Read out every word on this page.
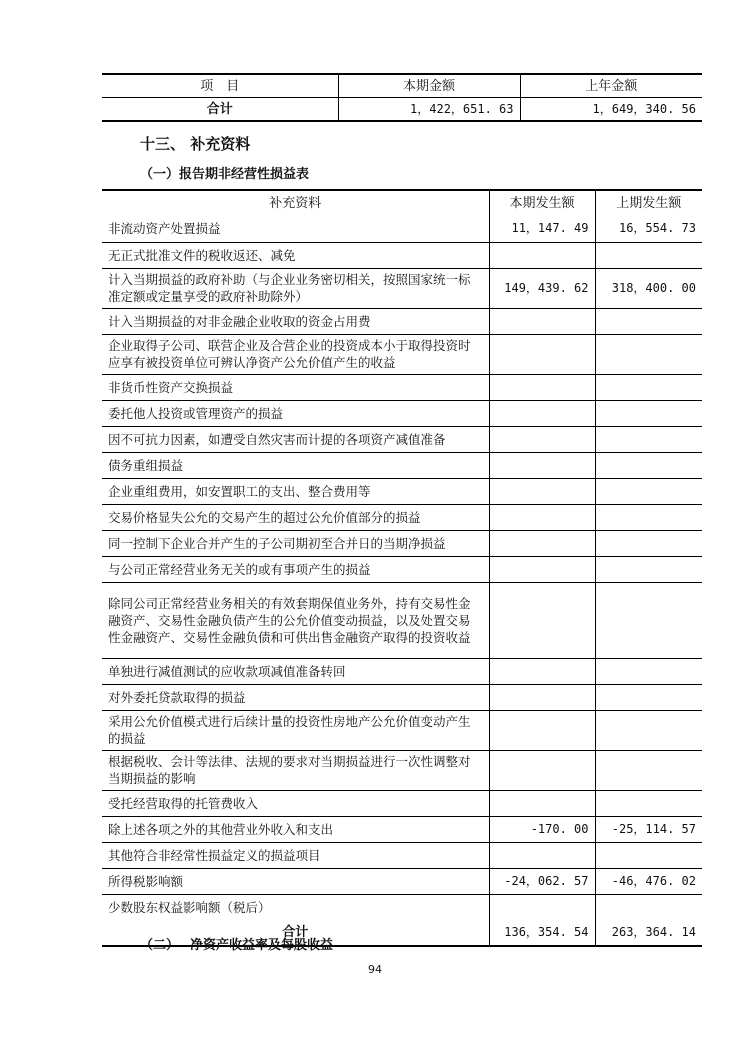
项　目	本期金额	上年金额
合计	1，422，651. 63	1，649，340. 56
十三、 补充资料
（一）报告期非经营性损益表
补充资料	本期发生额	上期发生额
非流动资产处置损益	11，147. 49	16，554. 73
无正式批准文件的税收返还、减免		
计入当期损益的政府补助（与企业业务密切相关，按照国家统一标准定额或定量享受的政府补助除外）	149，439. 62	318，400. 00
计入当期损益的对非金融企业收取的资金占用费		
企业取得子公司、联营企业及合营企业的投资成本小于取得投资时应享有被投资单位可辨认净资产公允价值产生的收益		
非货币性资产交换损益		
委托他人投资或管理资产的损益		
因不可抗力因素，如遭受自然灾害而计提的各项资产减值准备		
债务重组损益		
企业重组费用，如安置职工的支出、整合费用等		
交易价格显失公允的交易产生的超过公允价值部分的损益		
同一控制下企业合并产生的子公司期初至合并日的当期净损益		
与公司正常经营业务无关的或有事项产生的损益		
除同公司正常经营业务相关的有效套期保值业务外，持有交易性金融资产、交易性金融负债产生的公允价值变动损益，以及处置交易性金融资产、交易性金融负债和可供出售金融资产取得的投资收益		
单独进行减值测试的应收款项减值准备转回		
对外委托贷款取得的损益		
采用公允价值模式进行后续计量的投资性房地产公允价值变动产生的损益		
根据税收、会计等法律、法规的要求对当期损益进行一次性调整对当期损益的影响		
受托经营取得的托管费收入		
除上述各项之外的其他营业外收入和支出	-170. 00	-25，114. 57
其他符合非经常性损益定义的损益项目		
所得税影响额	-24，062. 57	-46，476. 02
少数股东权益影响额（税后）		
合计	136，354. 54	263，364. 14
（二）　 净资产收益率及每股收益
94
